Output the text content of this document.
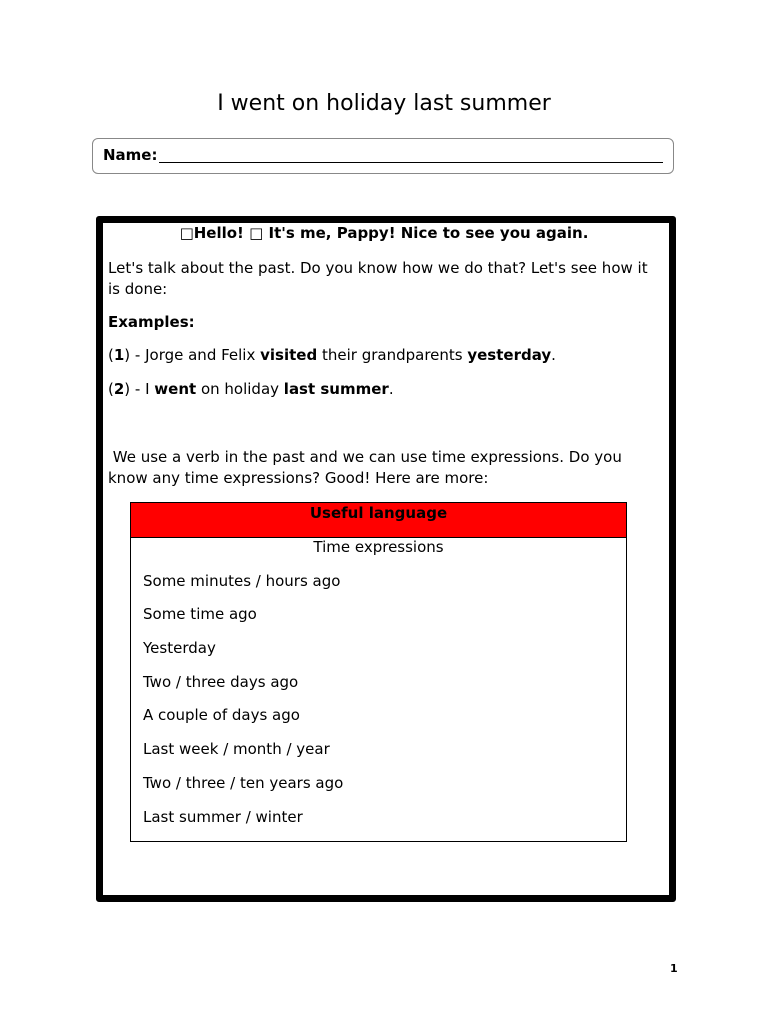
I went on holiday last summer
Name:
□Hello! □ It's me, Pappy! Nice to see you again.
Let's talk about the past. Do you know how we do that? Let's see how it is done:
Examples:
(1) - Jorge and Felix visited their grandparents yesterday.
(2) - I went on holiday last summer.
We use a verb in the past and we can use time expressions. Do you know any time expressions? Good! Here are more:
Useful language
Time expressions
Some minutes / hours ago
Some time ago
Yesterday
Two / three days ago
A couple of days ago
Last week / month / year
Two / three / ten years ago
Last summer / winter
1
